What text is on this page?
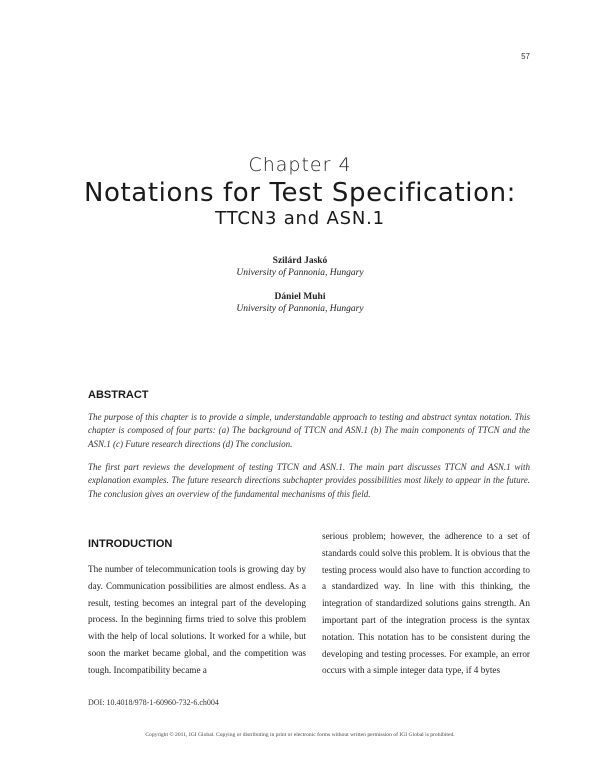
57
Chapter 4
Notations for Test Specification:
TTCN3 and ASN.1
Szilárd Jaskó
University of Pannonia, Hungary
Dániel Muhi
University of Pannonia, Hungary
ABSTRACT

The purpose of this chapter is to provide a simple, understandable approach to testing and abstract syntax notation. This chapter is composed of four parts: (a) The background of TTCN and ASN.1 (b) The main components of TTCN and the ASN.1 (c) Future research directions (d) The conclusion.

The first part reviews the development of testing TTCN and ASN.1. The main part discusses TTCN and ASN.1 with explanation examples. The future research directions subchapter provides possibilities most likely to appear in the future. The conclusion gives an overview of the fundamental mechanisms of this field.

INTRODUCTION

The number of telecommunication tools is growing day by day. Communication possibilities are almost endless. As a result, testing becomes an integral part of the developing process. In the beginning firms tried to solve this problem with the help of local solutions. It worked for a while, but soon the market became global, and the competition was tough. Incompatibility became a

serious problem; however, the adherence to a set of standards could solve this problem. It is obvious that the testing process would also have to function according to a standardized way. In line with this thinking, the integration of standardized solutions gains strength. An important part of the integration process is the syntax notation. This notation has to be consistent during the developing and testing processes. For example, an error occurs with a simple integer data type, if 4 bytes

DOI: 10.4018/978-1-60960-732-6.ch004
Copyright © 2011, IGI Global. Copying or distributing in print or electronic forms without written permission of IGI Global is prohibited.
